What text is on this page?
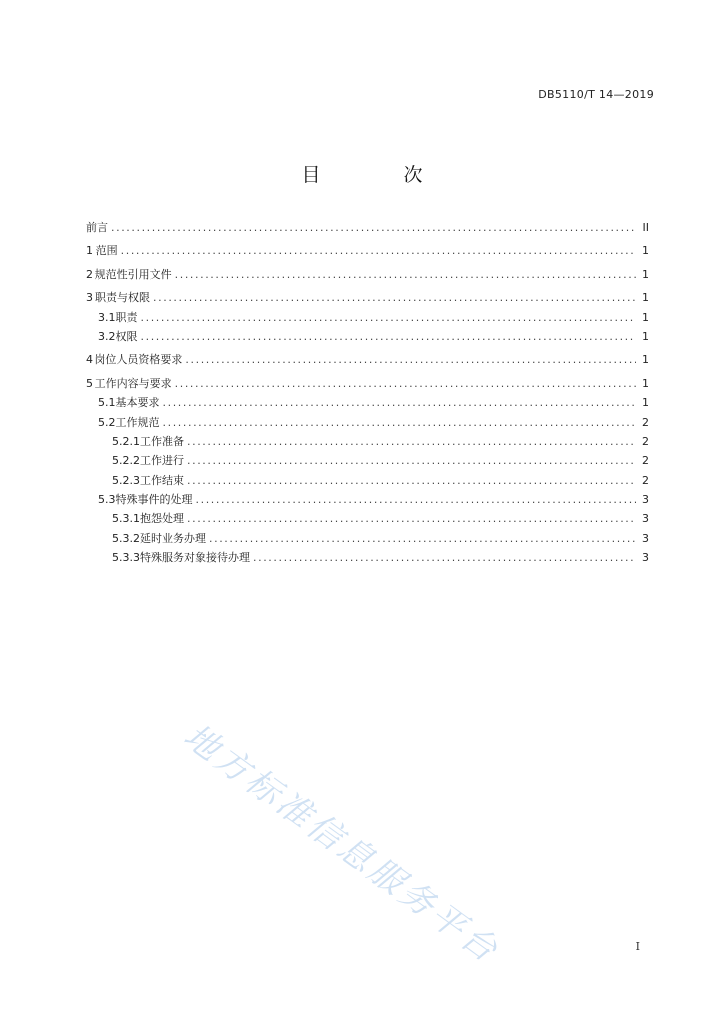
DB5110/T 14—2019
目　次
前言 .....	II
1 范围 .....	1
2 规范性引用文件 .....	1
3 职责与权限 .....	1
3.1 职责 .....	1
3.2 权限 .....	1
4 岗位人员资格要求 .....	1
5 工作内容与要求 .....	1
5.1 基本要求 .....	1
5.2 工作规范 .....	2
5.2.1 工作准备 .....	2
5.2.2 工作进行 .....	2
5.2.3 工作结束 .....	2
5.3 特殊事件的处理 .....	3
5.3.1 抱怨处理 .....	3
5.3.2 延时业务办理 .....	3
5.3.3 特殊服务对象接待办理 .....	3
地方标准信息服务平台	I
